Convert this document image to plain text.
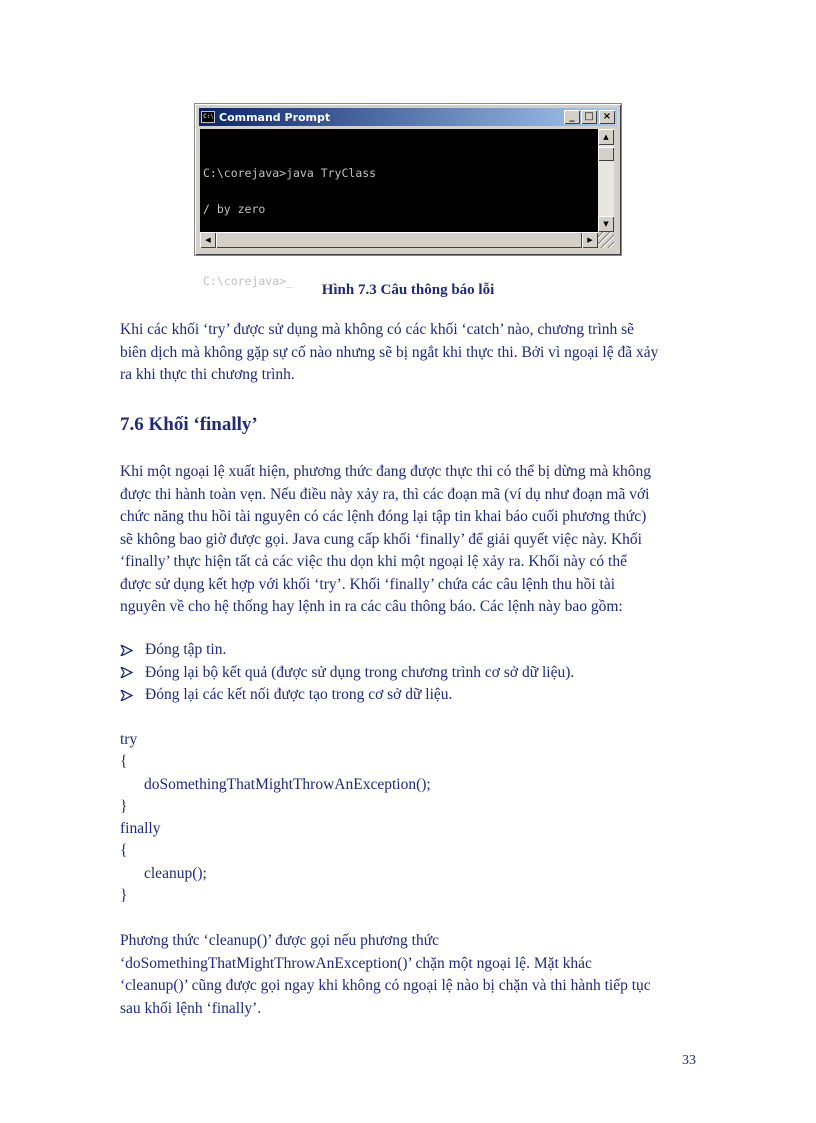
C:\ Command Prompt	_ □ ×

C:\corejava>java TryClass

/ by zero

C:\corejava>_

▲
▼
◀	▶
Hình 7.3 Câu thông báo lỗi

Khi các khối ‘try’ được sử dụng mà không có các khối ‘catch’ nào, chương trình sẽ
biên dịch mà không gặp sự cố nào nhưng sẽ bị ngắt khi thực thi. Bởi vì ngoại lệ đã xảy
ra khi thực thi chương trình.

7.6 Khối ‘finally’

Khi một ngoại lệ xuất hiện, phương thức đang được thực thi có thể bị dừng mà không
được thi hành toàn vẹn. Nếu điều này xảy ra, thì các đoạn mã (ví dụ như đoạn mã với
chức năng thu hồi tài nguyên có các lệnh đóng lại tập tin khai báo cuối phương thức)
sẽ không bao giờ được gọi. Java cung cấp khối ‘finally’ để giải quyết việc này. Khối
‘finally’ thực hiện tất cả các việc thu dọn khi một ngoại lệ xảy ra. Khối này có thể
được sử dụng kết hợp với khối ‘try’. Khối ‘finally’ chứa các câu lệnh thu hồi tài
nguyên về cho hệ thống hay lệnh in ra các câu thông báo. Các lệnh này bao gồm:

Đóng tập tin.
Đóng lại bộ kết quả (được sử dụng trong chương trình cơ sở dữ liệu).
Đóng lại các kết nối được tạo trong cơ sở dữ liệu.
try
{
doSomethingThatMightThrowAnException();
}
finally
{
cleanup();
}

Phương thức ‘cleanup()’ được gọi nếu phương thức
‘doSomethingThatMightThrowAnException()’ chặn một ngoại lệ. Mặt khác
‘cleanup()’ cũng được gọi ngay khi không có ngoại lệ nào bị chặn và thi hành tiếp tục
sau khối lệnh ‘finally’.

33
